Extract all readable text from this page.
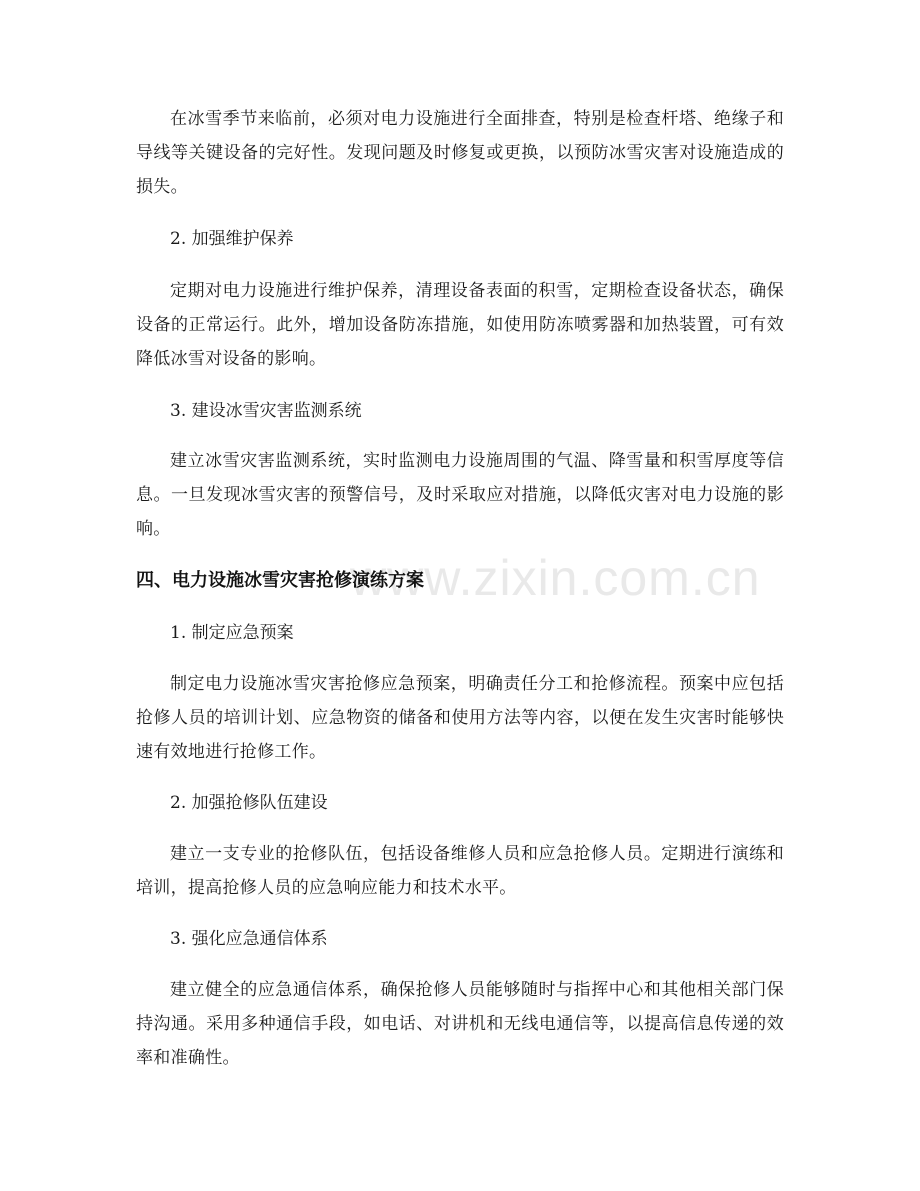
www.zixin.com.cn

在冰雪季节来临前，必须对电力设施进行全面排查，特别是检查杆塔、绝缘子和导线等关键设备的完好性。发现问题及时修复或更换，以预防冰雪灾害对设施造成的损失。

2. 加强维护保养

定期对电力设施进行维护保养，清理设备表面的积雪，定期检查设备状态，确保设备的正常运行。此外，增加设备防冻措施，如使用防冻喷雾器和加热装置，可有效降低冰雪对设备的影响。

3. 建设冰雪灾害监测系统

建立冰雪灾害监测系统，实时监测电力设施周围的气温、降雪量和积雪厚度等信息。一旦发现冰雪灾害的预警信号，及时采取应对措施，以降低灾害对电力设施的影响。

四、电力设施冰雪灾害抢修演练方案

1. 制定应急预案

制定电力设施冰雪灾害抢修应急预案，明确责任分工和抢修流程。预案中应包括抢修人员的培训计划、应急物资的储备和使用方法等内容，以便在发生灾害时能够快速有效地进行抢修工作。

2. 加强抢修队伍建设

建立一支专业的抢修队伍，包括设备维修人员和应急抢修人员。定期进行演练和培训，提高抢修人员的应急响应能力和技术水平。

3. 强化应急通信体系

建立健全的应急通信体系，确保抢修人员能够随时与指挥中心和其他相关部门保持沟通。采用多种通信手段，如电话、对讲机和无线电通信等，以提高信息传递的效率和准确性。
